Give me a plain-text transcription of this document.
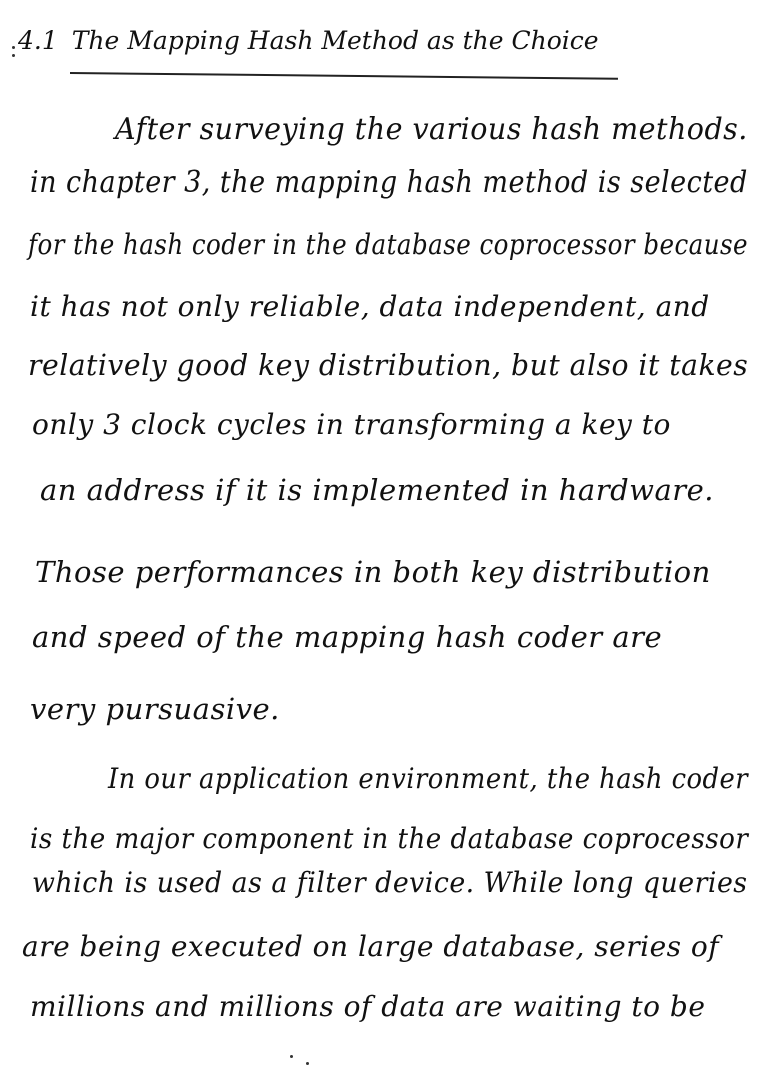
4.1 The Mapping Hash Method as the Choice
After surveying the various hash methods.
in chapter 3, the mapping hash method is selected
for the hash coder in the database coprocessor because
it has not only reliable, data independent, and
relatively good key distribution, but also it takes
only 3 clock cycles in transforming a key to
an address if it is implemented in hardware.
Those performances in both key distribution
and speed of the mapping hash coder are
very pursuasive.
In our application environment, the hash coder
is the major component in the database coprocessor
which is used as a filter device. While long queries
are being executed on large database, series of
millions and millions of data are waiting to be
